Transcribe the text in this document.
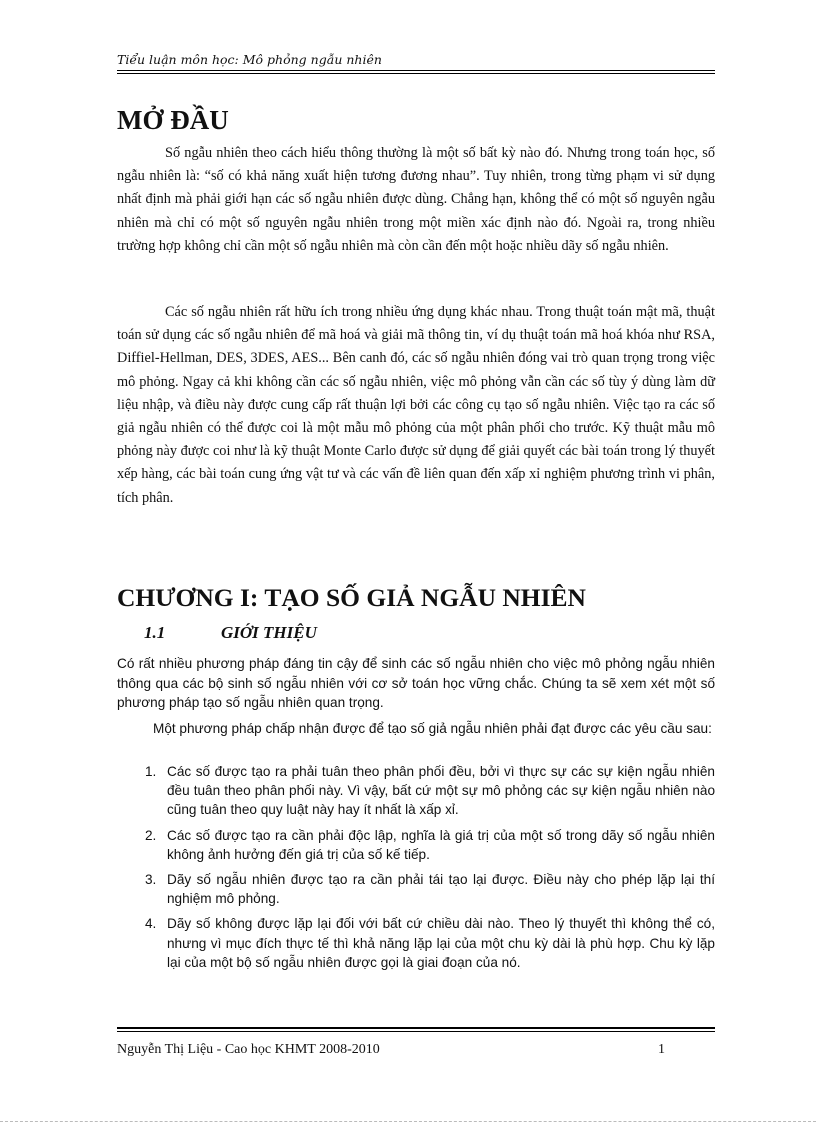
Tiểu luận môn học: Mô phỏng ngẫu nhiên
MỞ ĐẦU

Số ngẫu nhiên theo cách hiểu thông thường là một số bất kỳ nào đó. Nhưng trong toán học, số ngẫu nhiên là: “số có khả năng xuất hiện tương đương nhau”. Tuy nhiên, trong từng phạm vi sử dụng nhất định mà phải giới hạn các số ngẫu nhiên được dùng. Chẳng hạn, không thể có một số nguyên ngẫu nhiên mà chỉ có một số nguyên ngẫu nhiên trong một miền xác định nào đó. Ngoài ra, trong nhiều trường hợp không chỉ cần một số ngẫu nhiên mà còn cần đến một hoặc nhiều dãy số ngẫu nhiên.

Các số ngẫu nhiên rất hữu ích trong nhiều ứng dụng khác nhau. Trong thuật toán mật mã, thuật toán sử dụng các số ngẫu nhiên để mã hoá và giải mã thông tin, ví dụ thuật toán mã hoá khóa như RSA, Diffiel-Hellman, DES, 3DES, AES... Bên canh đó, các số ngẫu nhiên đóng vai trò quan trọng trong việc mô phỏng. Ngay cả khi không cần các số ngẫu nhiên, việc mô phỏng vẫn cần các số tùy ý dùng làm dữ liệu nhập, và điều này được cung cấp rất thuận lợi bởi các công cụ tạo số ngẫu nhiên. Việc tạo ra các số giả ngẫu nhiên có thể được coi là một mẫu mô phỏng của một phân phối cho trước. Kỹ thuật mẫu mô phỏng này được coi như là kỹ thuật Monte Carlo được sử dụng để giải quyết các bài toán trong lý thuyết xếp hàng, các bài toán cung ứng vật tư và các vấn đề liên quan đến xấp xỉ nghiệm phương trình vi phân, tích phân.

CHƯƠNG I: TẠO SỐ GIẢ NGẪU NHIÊN
1.1	GIỚI THIỆU

Có rất nhiều phương pháp đáng tin cậy để sinh các số ngẫu nhiên cho việc mô phỏng ngẫu nhiên thông qua các bộ sinh số ngẫu nhiên với cơ sở toán học vững chắc. Chúng ta sẽ xem xét một số phương pháp tạo số ngẫu nhiên quan trọng.

Một phương pháp chấp nhận được để tạo số giả ngẫu nhiên phải đạt được các yêu cầu sau:

1. Các số được tạo ra phải tuân theo phân phối đều, bởi vì thực sự các sự kiện ngẫu nhiên đều tuân theo phân phối này. Vì vậy, bất cứ một sự mô phỏng các sự kiện ngẫu nhiên nào cũng tuân theo quy luật này hay ít nhất là xấp xỉ.
2. Các số được tạo ra cần phải độc lập, nghĩa là giá trị của một số trong dãy số ngẫu nhiên không ảnh hưởng đến giá trị của số kế tiếp.
3. Dãy số ngẫu nhiên được tạo ra cần phải tái tạo lại được. Điều này cho phép lặp lại thí nghiệm mô phỏng.
4. Dãy số không được lặp lại đối với bất cứ chiều dài nào. Theo lý thuyết thì không thể có, nhưng vì mục đích thực tế thì khả năng lặp lại của một chu kỳ dài là phù hợp. Chu kỳ lặp lại của một bộ số ngẫu nhiên được gọi là giai đoạn của nó.
Nguyễn Thị Liệu - Cao học KHMT 2008-2010	1
